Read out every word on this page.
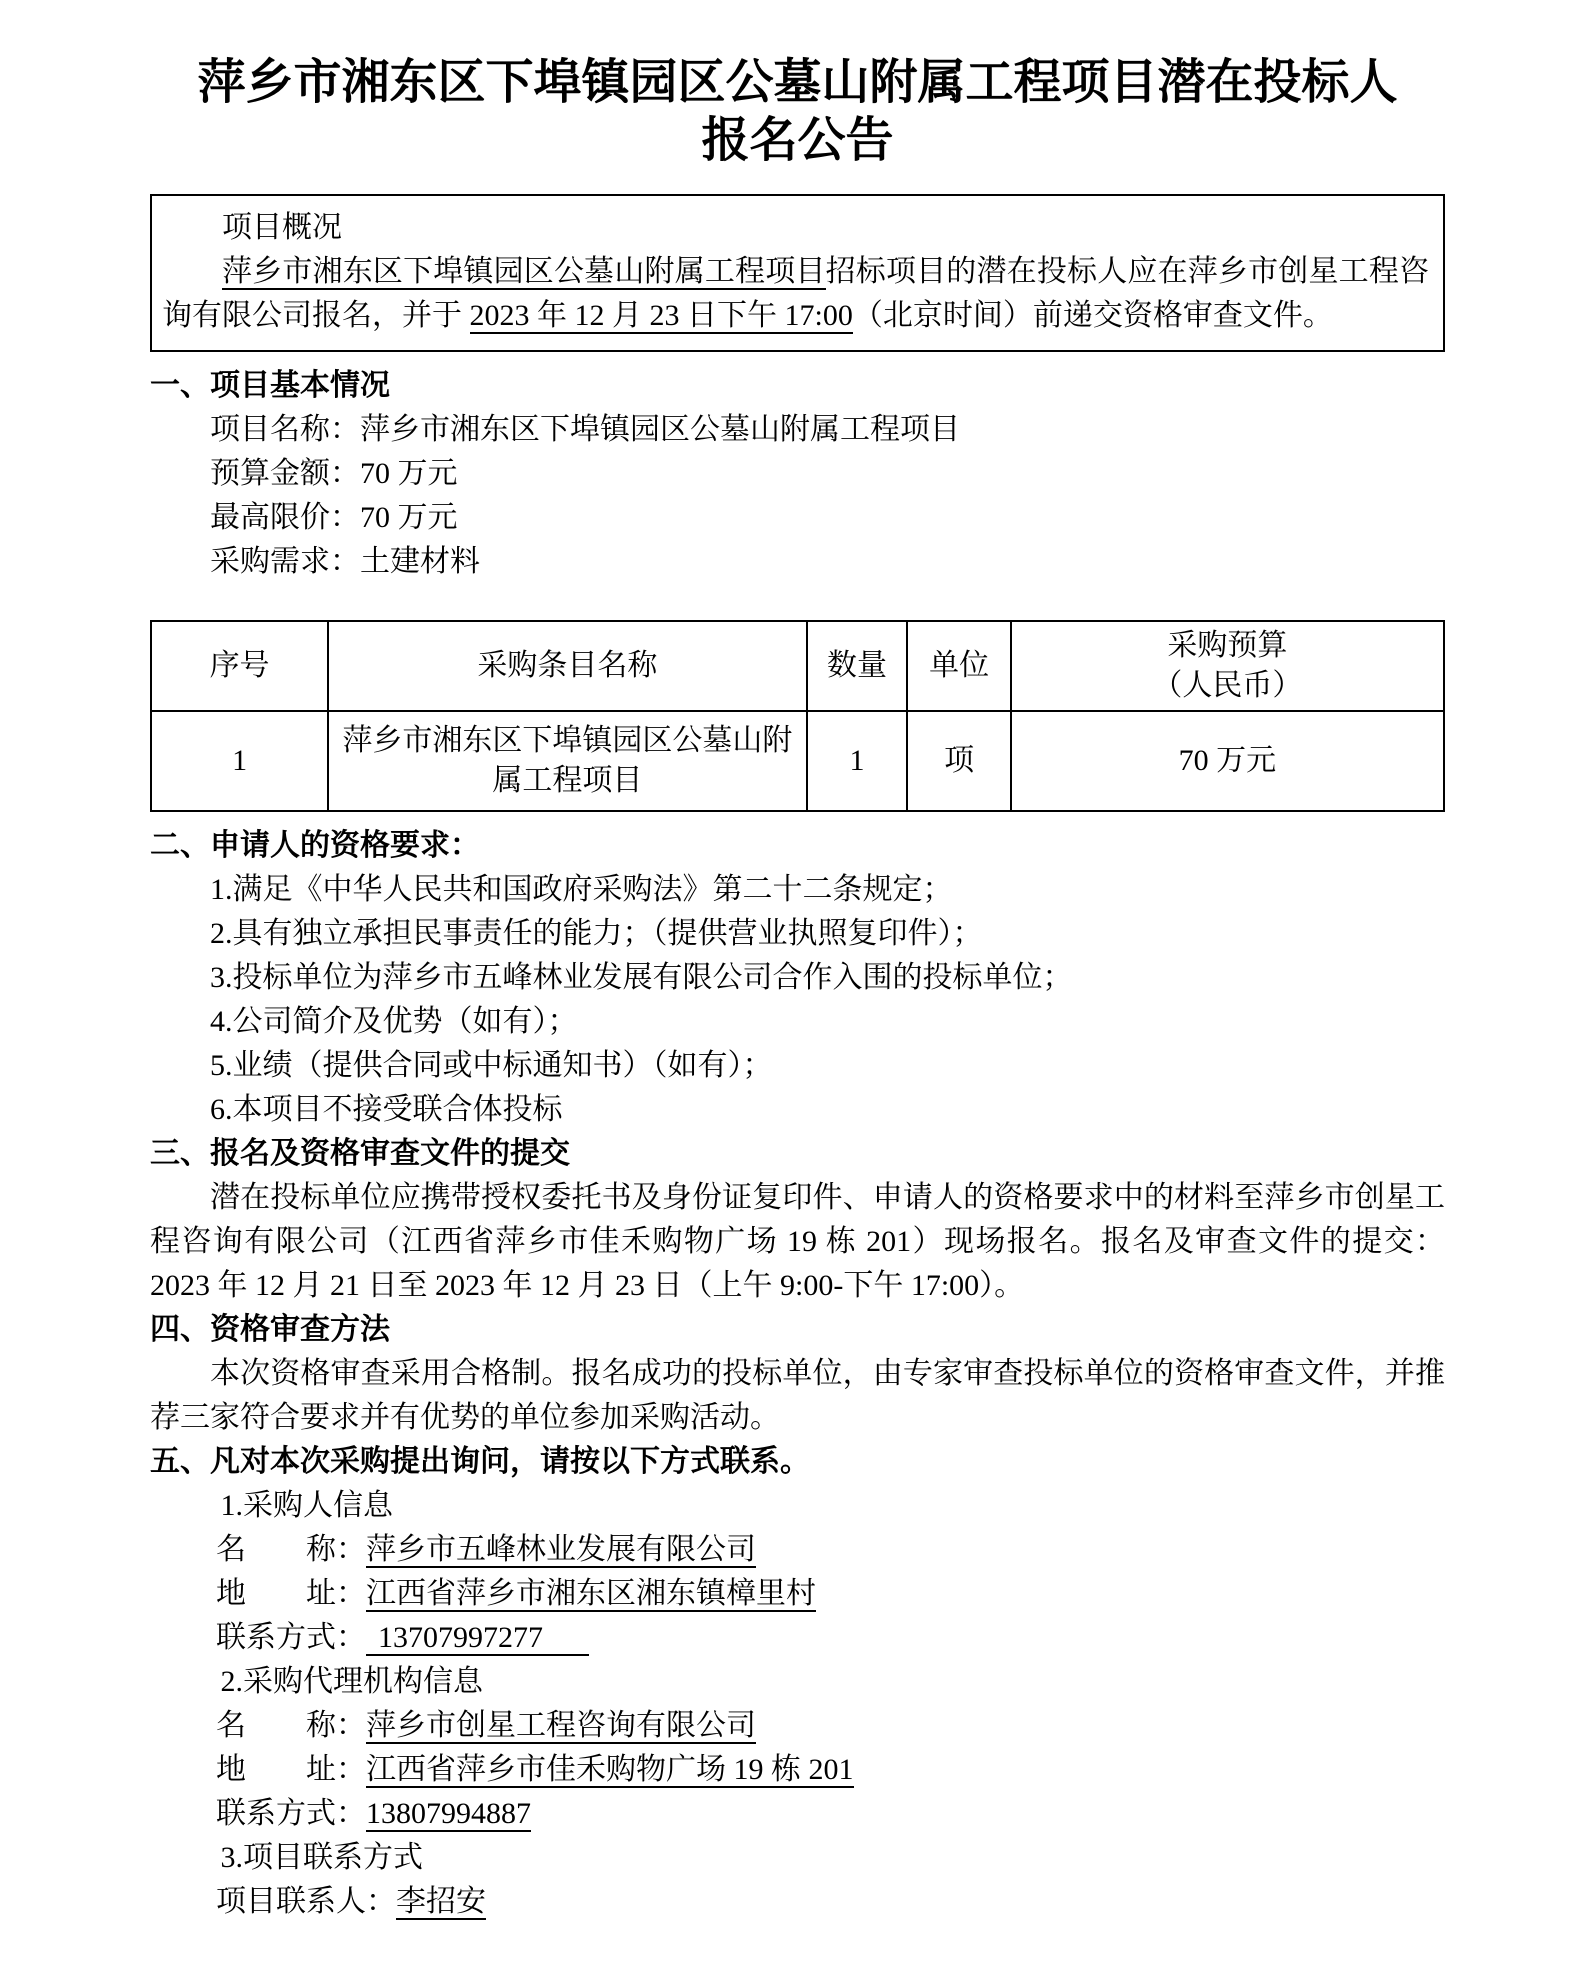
萍乡市湘东区下埠镇园区公墓山附属工程项目潜在投标人
报名公告
项目概况

萍乡市湘东区下埠镇园区公墓山附属工程项目招标项目的潜在投标人应在萍乡市创星工程咨询有限公司报名，并于 2023 年 12 月 23 日下午 17:00（北京时间）前递交资格审查文件。

一、项目基本情况
项目名称：萍乡市湘东区下埠镇园区公墓山附属工程项目
预算金额：70 万元
最高限价：70 万元
采购需求：土建材料
序号	采购条目名称	数量	单位	采购预算
（人民币）

1	萍乡市湘东区下埠镇园区公墓山附属工程项目	1	项	70 万元
二、申请人的资格要求：
1.满足《中华人民共和国政府采购法》第二十二条规定；
2.具有独立承担民事责任的能力；（提供营业执照复印件）；
3.投标单位为萍乡市五峰林业发展有限公司合作入围的投标单位；
4.公司简介及优势（如有）；
5.业绩（提供合同或中标通知书）（如有）；
6.本项目不接受联合体投标
三、报名及资格审查文件的提交

潜在投标单位应携带授权委托书及身份证复印件、申请人的资格要求中的材料至萍乡市创星工程咨询有限公司（江西省萍乡市佳禾购物广场 19 栋 201）现场报名。报名及审查文件的提交：2023 年 12 月 21 日至 2023 年 12 月 23 日（上午 9:00-下午 17:00）。

四、资格审查方法

本次资格审查采用合格制。报名成功的投标单位，由专家审查投标单位的资格审查文件，并推荐三家符合要求并有优势的单位参加采购活动。

五、凡对本次采购提出询问，请按以下方式联系。
1.采购人信息
名　　称：萍乡市五峰林业发展有限公司
地　　址：江西省萍乡市湘东区湘东镇樟里村
联系方式： 13707997277
2.采购代理机构信息
名　　称：萍乡市创星工程咨询有限公司
地　　址：江西省萍乡市佳禾购物广场 19 栋 201
联系方式：13807994887
3.项目联系方式
项目联系人：李招安
